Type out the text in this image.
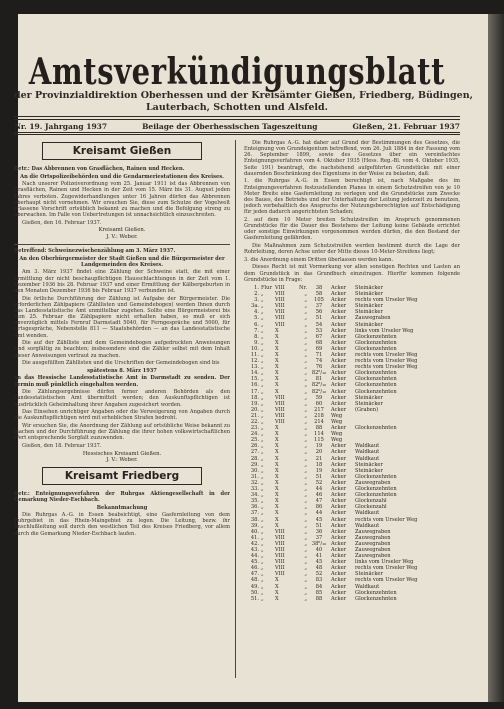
Amtsverkündigungsblatt
der Provinzialdirektion Oberhessen und der Kreisämter Gießen, Friedberg, Büdingen,
Lauterbach, Schotten und Alsfeld.
Nr. 19. Jahrgang 1937	Beilage der Oberhessischen Tageszeitung	Gießen, 21. Februar 1937
Kreisamt Gießen

Betr.: Das Abbrennen von Grasflächen, Rainen und Hecken.

An die Ortspolizeibehörden und die Gendarmeriestationen des Kreises.

Nach unserer Polizeiverordnung vom 25. Januar 1911 ist das Abbrennen von Grasflächen, Rainen und Hecken in der Zeit vom 15. März bis 31. August jeden Jahres verboten. Zugewiderhandlungen unter 16 Jahren dürfen das Abbrennen überhaupt nicht vornehmen. Wir ersuchen Sie, diese zum Schutze der Vogelwelt erlassene Vorschrift ortsüblich bekannt zu machen und die Befolgung streng zu überwachen. Im Falle von Uebertretungen ist unnachsichtlich einzuschreiten.

Gießen, den 16. Februar 1937.

Kreisamt Gießen.
J. V.: Weber.

Betreffend: Schweinezwischenzählung am 3. März 1937.

An den Oberbürgermeister der Stadt Gießen und die Bürgermeister der Landgemeinden des Kreises.

Am 3. März 1937 findet eine Zählung der Schweine statt, die mit einer Ermittlung der nicht beschaupflichtigen Hausschlachtungen in der Zeit vom 1. Dezember 1936 bis 28. Februar 1937 und einer Ermittlung der Kälbergeburten in den Monaten Dezember 1936 bis Februar 1937 verbunden ist.

Die örtliche Durchführung der Zählung ist Aufgabe der Bürgermeister. Die erforderlichen Zählpapiere (Zähllisten und Gemeindebogen) werden Ihnen durch das Landesstatistische Amt unmittelbar zugehen. Sollte eine Bürgermeisterei bis zum 25. Februar die Zählpapiere nicht erhalten haben, so muß er sich unverzüglich mittels Fernruf Darmstadt 5040, für Ferngespräche und 5000, für Ortsgespräche, Nebenstelle 811 — Staatsbehörden — an das Landesstatistische Amt wenden.

Die auf der Zählliste und dem Gemeindebogen aufgedruckten Anweisungen sind sorgfältig zu beachten; insbesondere sind die Zähler selbst mit dem Inhalt dieser Anweisungen vertraut zu machen.

Die ausgefüllten Zähllisten und die Urschriften der Gemeindebogen sind bis

spätestens 8. März 1937

an das Hessische Landesstatistische Amt in Darmstadt zu senden. Der Termin muß pünktlich eingehalten werden.

Die Zählungsergebnisse dürfen ferner anderen Behörden als den Landesstatistischen Amt übermittelt werden; den Auskunftspflichtigen ist ausdrücklich Geheimhaltung ihrer Angaben zugesichert worden.

Das Einsehen unrichtiger Angaben oder die Verweigerung von Angaben durch die Auskunftspflichtigen wird mit erheblichen Strafen bedroht.

Wir ersuchen Sie, die Anordnung der Zählung auf ortsübliche Weise bekannt zu machen und der Durchführung der Zählung die ihrer hohen volkswirtschaftlichen Wert entsprechende Sorgfalt zuzuwenden.

Gießen, den 18. Februar 1937.

Hessisches Kreisamt Gießen.
J. V.: Weber.
Kreisamt Friedberg

Betr.: Enteignungsverfahren der Ruhrgas Aktiengesellschaft in der Gemarkung Nieder-Eschbach.

Bekanntmachung

Die Ruhrgas A.-G. in Essen beabsichtigt, eine Gasfernleitung von dem Ruhrgebiet in das Rhein-Maingebiet zu legen. Die Leitung, bezw. ihr Anschlußleitung soll durch den westlichen Teil des Kreises Friedberg, vor allem durch die Gemarkung Nieder-Eschbach laufen.

Die Ruhrgas A.-G. hat daher auf Grund der Bestimmungen des Gesetzes, die Enteignung von Grundeigentum betreffend, vom 26. Juli 1884 in der Fassung vom 26. September 1899, sowie des Gesetzes über ein vereinfachtes Enteignungsverfahren vom 4. Oktober 1935 (Hess. Reg.-Bl. vom 4. Oktober 1935, Seite 191) beantragt, die nachstehend aufgeführten Grundstücke mit einer dauernden Beschränkung des Eigentums in der Weise zu belasten, daß:

1. die Ruhrgas A.-G. in Essen berechtigt ist, nach Maßgabe des im Enteignungsverfahren festzustellenden Planes in einem Schutzstreifen von je 10 Meter Breite eine Gasfernleitung zu verlegen und die Grundstücke zum Zwecke des Baues, des Betriebs und der Unterhaltung der Leitung jederzeit zu benutzen, jedoch vorbehaltlich des Anspruchs der Nutzungsberechtigten auf Entschädigung für jeden dadurch angerichteten Schaden;

2. auf dem 10 Meter breiten Schutzstreifen im Anspruch genommenen Grundstücke für die Dauer des Bestehens der Leitung keine Gebäude errichtet oder sonstige Einwirkungen vorgenommen werden dürfen, die den Bestand der Gasfernleitung gefährden.

Die Maßnahmen zum Schutzstreifen werden bestimmt durch die Lage der Rohrleitung, deren Achse unter der Mitte dieses 10-Meter-Streifens liegt;

3. die Anordnung einem Dritten überlassen werden kann.

Dieses Recht ist mit Vormerkung vor allen sonstigen Rechten und Lasten an dem Grundstück in das Grundbuch einzutragen. Hierfür kommen folgende Grundstücke in Frage:

1.	Flur	VIII	Nr.	38	Acker	Steinäcker
2.	„	VIII	„	58	Acker	Steinäcker
3.	„	VIII	„	105	Acker	rechts vom Urseler Weg
3a.	„	VIII	„	37	Acker	Steinäcker
4.	„	VIII	„	56	Acker	Steinäcker
5.	„	VIII	„	51	Acker	Zauwegraben
6.	„	VIII	„	54	Acker	Steinäcker
7.	„	X	„	53	Acker	links vom Urseler Weg
8.	„	X	„	67	Acker	Glockenzehnten
9.	„	X	„	68	Acker	Glockenzehnten
10.	„	X	„	69	Acker	Glockenzehnten
11.	„	X	„	71	Acker	rechts vom Urseler Weg
12.	„	X	„	74	Acker	rechts vom Urseler Weg
13.	„	X	„	76	Acker	rechts vom Urseler Weg
14.	„	X	„	82⁶/₁₀	Acker	Glockenzehnten
15.	„	X	„	81	Acker	Glockenzehnten
16.	„	X	„	82⁸/₁₀	Acker	Glockenzehnten
17.	„	X	„	82⁹/₁₀	Acker	Glockenzehnten
18.	„	VIII	„	59	Acker	Steinäcker
19.	„	VIII	„	60	Acker	Steinäcker
20.	„	VIII	„	217	Acker	(Graben)
21.	„	VIII	„	218	Weg	
22.	„	VIII	„	214	Weg	
23.	„	X	„	88	Acker	Glockenzehnten
24.	„	X	„	114	Weg	
25.	„	X	„	115	Weg	
26.	„	X	„	19	Acker	Waldkaut
27.	„	X	„	20	Acker	Waldkaut
28.	„	X	„	21	Acker	Waldkaut
29.	„	X	„	18	Acker	Steinäcker
30.	„	X	„	19	Acker	Steinäcker
31.	„	X	„	51	Acker	Glockenzehnten
32.	„	X	„	52	Acker	Zauwegraben
33.	„	X	„	44	Acker	Glockenzehnten
34.	„	X	„	46	Acker	Glockenzehnten
35.	„	X	„	47	Acker	Glockenzahl
36.	„	X	„	86	Acker	Glockenzahl
37.	„	X	„	44	Acker	Waldkaut
38.	„	X	„	45	Acker	rechts vom Urseler Weg
39.	„	X	„	51	Acker	Waldkaut
40.	„	VIII	„	36	Acker	Zauwegraben
41.	„	VIII	„	37	Acker	Zauwegraben
42.	„	VIII	„	38⁶/₁₀	Acker	Zauwegraben
43.	„	VIII	„	40	Acker	Zauwegraben
44.	„	VIII	„	41	Acker	Zauwegraben
45.	„	VIII	„	45	Acker	links vom Urseler Weg
46.	„	VIII	„	48	Acker	rechts vom Urseler Weg
47.	„	VIII	„	52	Acker	Steinäcker
48.	„	X	„	83	Acker	rechts vom Urseler Weg
49.	„	X	„	84	Acker	Waldkaut
50.	„	X	„	85	Acker	Glockenzehnten
51.	„	X	„	88	Acker	Glockenzehnten
